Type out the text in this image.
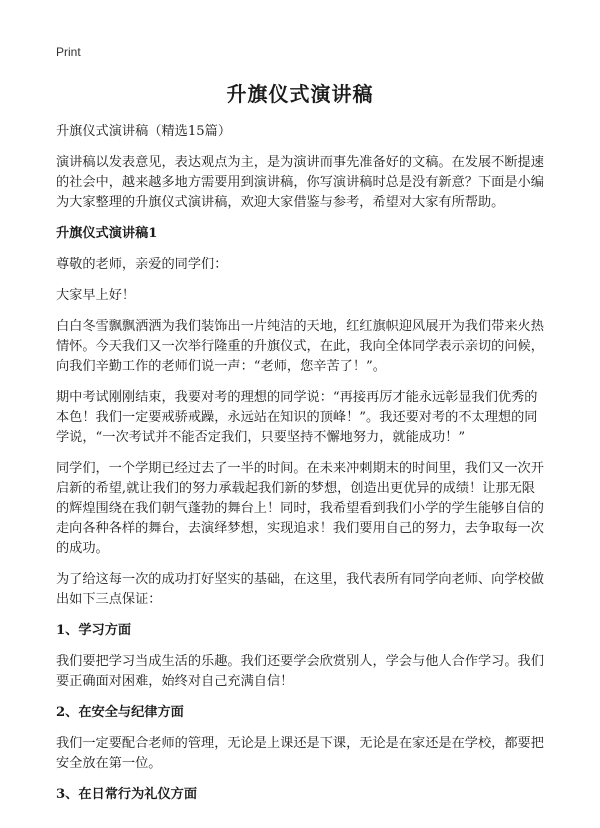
Print
升旗仪式演讲稿

升旗仪式演讲稿（精选15篇）

演讲稿以发表意见，表达观点为主，是为演讲而事先准备好的文稿。在发展不断提速的社会中，越来越多地方需要用到演讲稿，你写演讲稿时总是没有新意？下面是小编为大家整理的升旗仪式演讲稿，欢迎大家借鉴与参考，希望对大家有所帮助。

升旗仪式演讲稿1

尊敬的老师，亲爱的同学们：

大家早上好！

白白冬雪飘飘洒洒为我们装饰出一片纯洁的天地，红红旗帜迎风展开为我们带来火热情怀。今天我们又一次举行隆重的升旗仪式，在此，我向全体同学表示亲切的问候，向我们辛勤工作的老师们说一声：“老师，您辛苦了！”。

期中考试刚刚结束，我要对考的理想的同学说：“再接再厉才能永远彰显我们优秀的本色！我们一定要戒骄戒躁，永远站在知识的顶峰！”。我还要对考的不太理想的同学说，“一次考试并不能否定我们，只要坚持不懈地努力，就能成功！”

同学们，一个学期已经过去了一半的时间。在未来冲刺期末的时间里，我们又一次开启新的希望,就让我们的努力承载起我们新的梦想，创造出更优异的成绩！让那无限的辉煌围绕在我们朝气蓬勃的舞台上！同时，我希望看到我们小学的学生能够自信的走向各种各样的舞台，去演绎梦想，实现追求！我们要用自己的努力，去争取每一次的成功。

为了给这每一次的成功打好坚实的基础，在这里，我代表所有同学向老师、向学校做出如下三点保证：

1、学习方面

我们要把学习当成生活的乐趣。我们还要学会欣赏别人，学会与他人合作学习。我们要正确面对困难，始终对自己充满自信！

2、在安全与纪律方面

我们一定要配合老师的管理，无论是上课还是下课，无论是在家还是在学校，都要把安全放在第一位。

3、在日常行为礼仪方面
